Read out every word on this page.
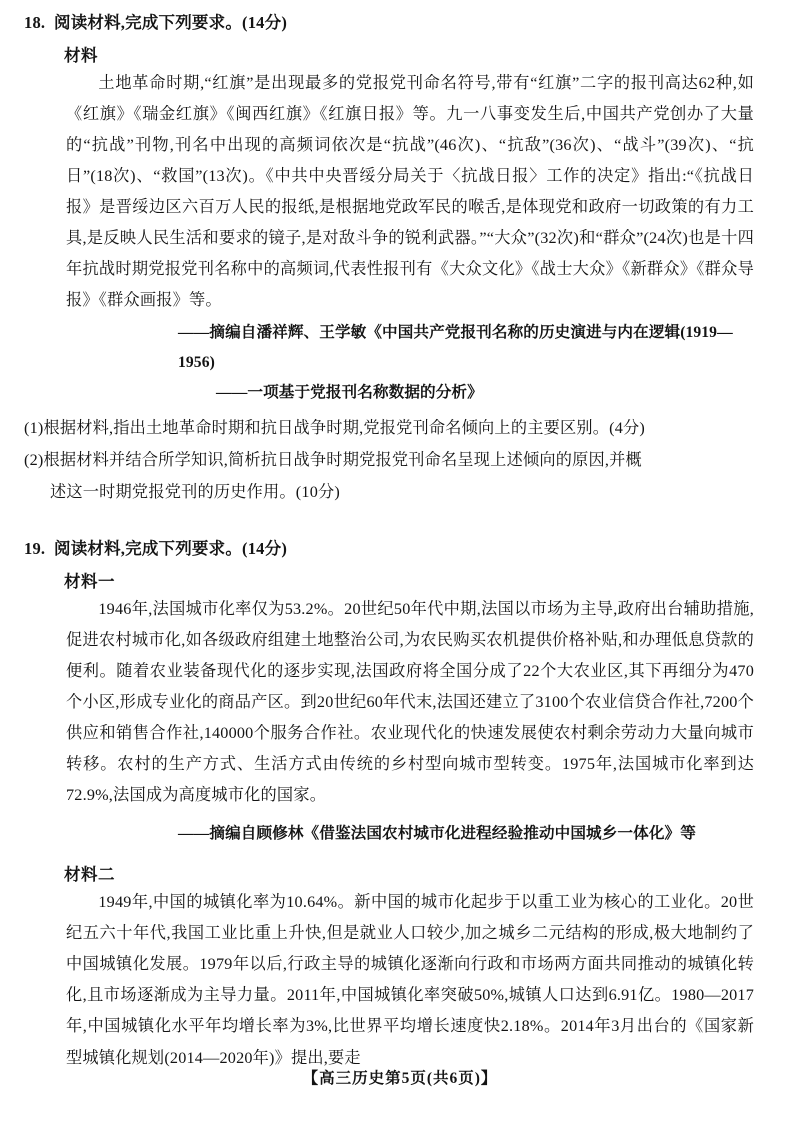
18. 阅读材料,完成下列要求。(14分)
材料

土地革命时期,“红旗”是出现最多的党报党刊命名符号,带有“红旗”二字的报刊高达62种,如《红旗》《瑞金红旗》《闽西红旗》《红旗日报》等。九一八事变发生后,中国共产党创办了大量的“抗战”刊物,刊名中出现的高频词依次是“抗战”(46次)、“抗敌”(36次)、“战斗”(39次)、“抗日”(18次)、“救国”(13次)。《中共中央晋绥分局关于〈抗战日报〉工作的决定》指出:“《抗战日报》是晋绥边区六百万人民的报纸,是根据地党政军民的喉舌,是体现党和政府一切政策的有力工具,是反映人民生活和要求的镜子,是对敌斗争的锐利武器。”“大众”(32次)和“群众”(24次)也是十四年抗战时期党报党刊名称中的高频词,代表性报刊有《大众文化》《战士大众》《新群众》《群众导报》《群众画报》等。

——摘编自潘祥辉、王学敏《中国共产党报刊名称的历史演进与内在逻辑(1919—1956)
——一项基于党报刊名称数据的分析》

(1)根据材料,指出土地革命时期和抗日战争时期,党报党刊命名倾向上的主要区别。(4分)

(2)根据材料并结合所学知识,简析抗日战争时期党报党刊命名呈现上述倾向的原因,并概

述这一时期党报党刊的历史作用。(10分)

19. 阅读材料,完成下列要求。(14分)
材料一

1946年,法国城市化率仅为53.2%。20世纪50年代中期,法国以市场为主导,政府出台辅助措施,促进农村城市化,如各级政府组建土地整治公司,为农民购买农机提供价格补贴,和办理低息贷款的便利。随着农业装备现代化的逐步实现,法国政府将全国分成了22个大农业区,其下再细分为470个小区,形成专业化的商品产区。到20世纪60年代末,法国还建立了3100个农业信贷合作社,7200个供应和销售合作社,140000个服务合作社。农业现代化的快速发展使农村剩余劳动力大量向城市转移。农村的生产方式、生活方式由传统的乡村型向城市型转变。1975年,法国城市化率到达72.9%,法国成为高度城市化的国家。

——摘编自顾修林《借鉴法国农村城市化进程经验推动中国城乡一体化》等
材料二

1949年,中国的城镇化率为10.64%。新中国的城市化起步于以重工业为核心的工业化。20世纪五六十年代,我国工业比重上升快,但是就业人口较少,加之城乡二元结构的形成,极大地制约了中国城镇化发展。1979年以后,行政主导的城镇化逐渐向行政和市场两方面共同推动的城镇化转化,且市场逐渐成为主导力量。2011年,中国城镇化率突破50%,城镇人口达到6.91亿。1980—2017年,中国城镇化水平年均增长率为3%,比世界平均增长速度快2.18%。2014年3月出台的《国家新型城镇化规划(2014—2020年)》提出,要走

【高三历史第5页(共6页)】
